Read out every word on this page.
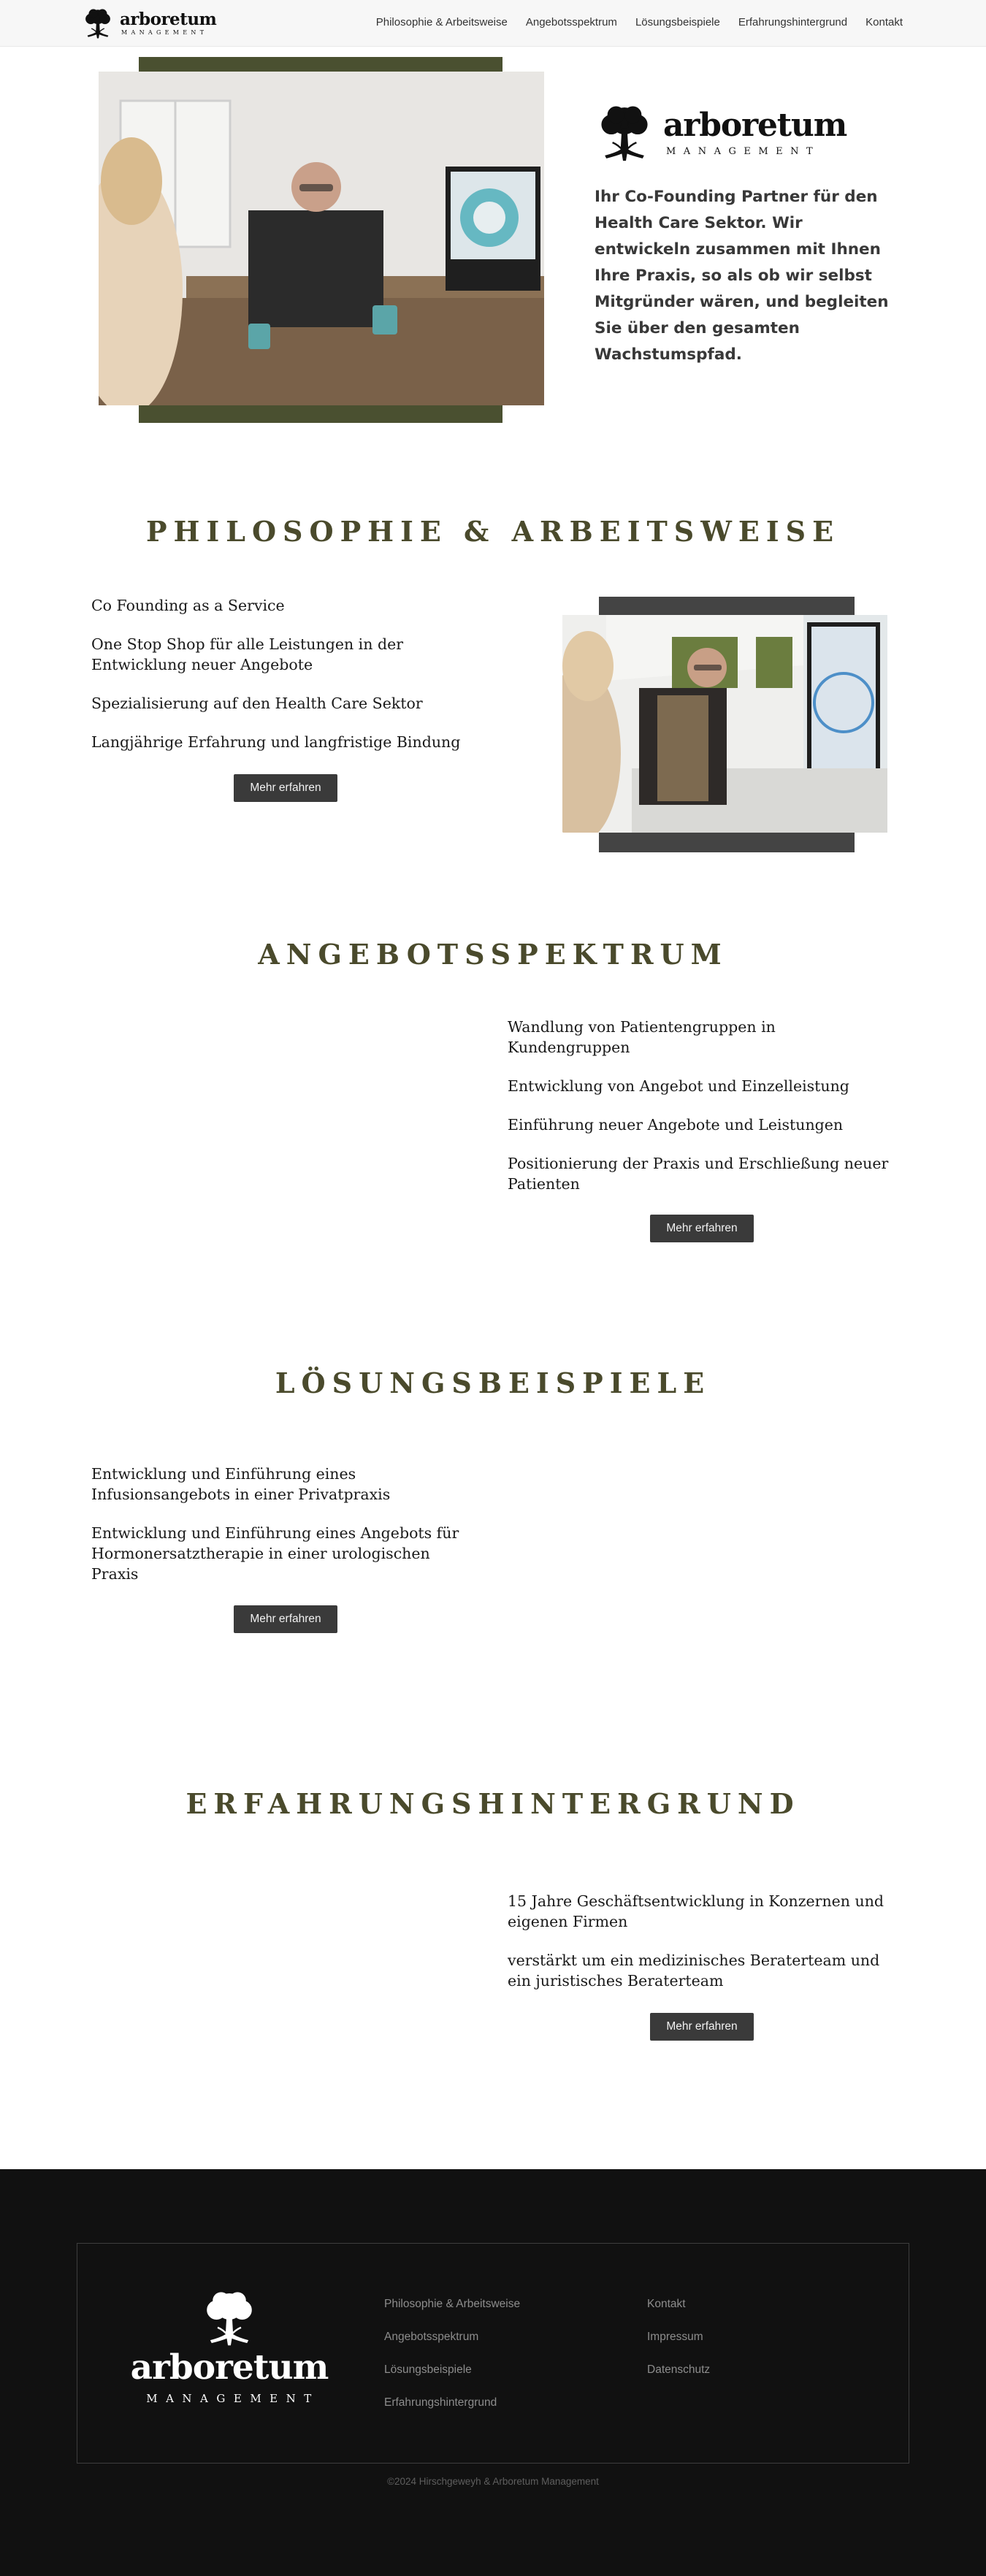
arboretum
MANAGEMENT
Philosophie & Arbeitsweise Angebotsspektrum Lösungsbeispiele Erfahrungshintergrund Kontakt
arboretum
MANAGEMENT

Ihr Co-Founding Partner für den Health Care Sektor. Wir entwickeln zusammen mit Ihnen Ihre Praxis, so als ob wir selbst Mitgründer wären, und begleiten Sie über den gesamten Wachstumspfad.

PHILOSOPHIE & ARBEITSWEISE
Co Founding as a Service
One Stop Shop für alle Leistungen in der Entwicklung neuer Angebote
Spezialisierung auf den Health Care Sektor
Langjährige Erfahrung und langfristige Bindung
Mehr erfahren
ANGEBOTSSPEKTRUM
Wandlung von Patientengruppen in Kundengruppen
Entwicklung von Angebot und Einzelleistung
Einführung neuer Angebote und Leistungen
Positionierung der Praxis und Erschließung neuer Patienten
Mehr erfahren
LÖSUNGSBEISPIELE
Entwicklung und Einführung eines Infusionsangebots in einer Privatpraxis
Entwicklung und Einführung eines Angebots für Hormonersatztherapie in einer urologischen Praxis
Mehr erfahren
ERFAHRUNGSHINTERGRUND
15 Jahre Geschäftsentwicklung in Konzernen und eigenen Firmen
verstärkt um ein medizinisches Beraterteam und ein juristisches Beraterteam
Mehr erfahren
arboretum
MANAGEMENT
Philosophie & Arbeitsweise
Angebotsspektrum
Lösungsbeispiele
Erfahrungshintergrund
Kontakt
Impressum
Datenschutz
©2024 Hirschgeweyh & Arboretum Management
